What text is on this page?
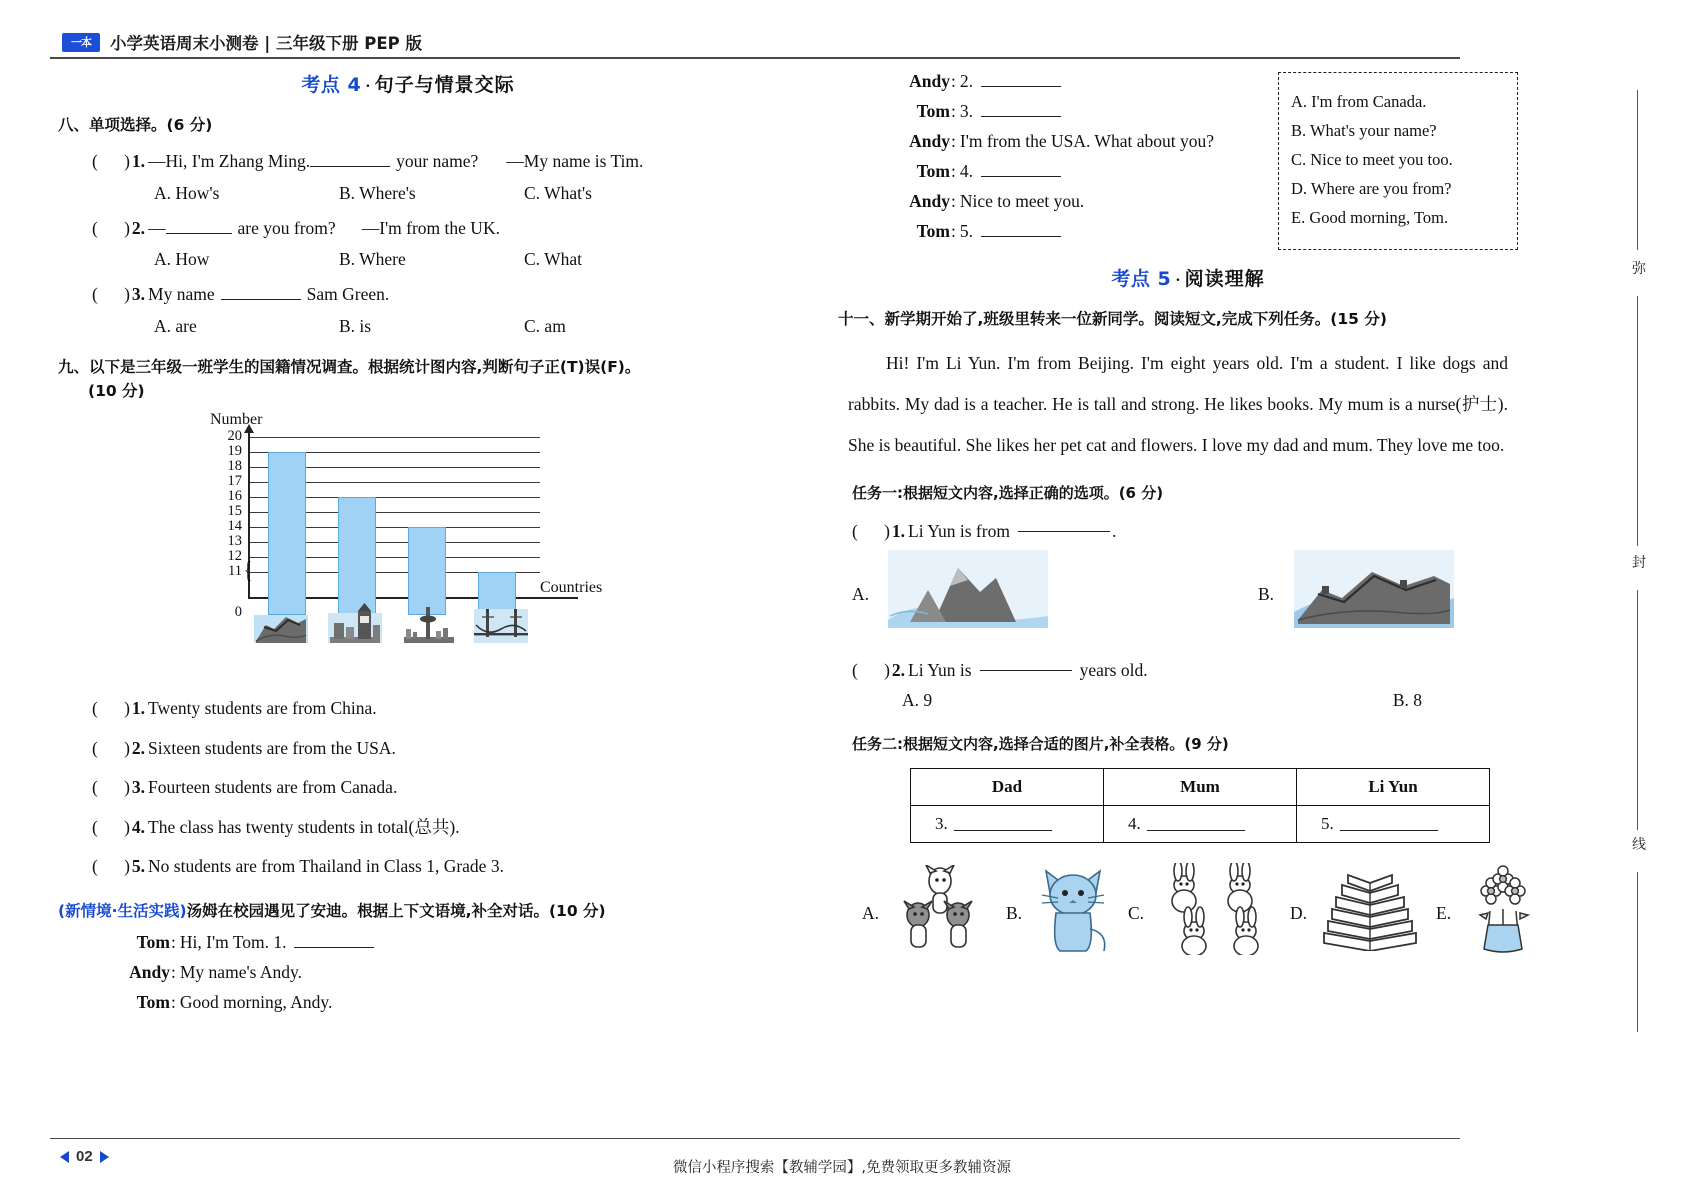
一本	小学英语周末小测卷 | 三年级下册 PEP 版
考点 4 · 句子与情景交际
八、单项选择。(6 分)
(      ) 1. —Hi, I'm Zhang Ming.	your name? —My name is Tim.
A. How's	B. Where's	C. What's
(      ) 2. —	are you from? —I'm from the UK.
A. How	B. Where	C. What
(      ) 3. My name	Sam Green.
A. are	B. is	C. am
九、以下是三年级一班学生的国籍情况调查。根据统计图内容,判断句子正(T)误(F)。
(10 分)
Number
Countries
20
19
18
17
16
15
14
13
12
11
0
{
(      ) 1. Twenty students are from China.
(      ) 2. Sixteen students are from the USA.
(      ) 3. Fourteen students are from Canada.
(      ) 4. The class has twenty students in total(总共).
(      ) 5. No students are from Thailand in Class 1, Grade 3.
(新情境·生活实践)汤姆在校园遇见了安迪。根据上下文语境,补全对话。(10 分)
Tom : Hi, I'm Tom. 1.
Andy : My name's Andy.
Tom : Good morning, Andy.
Andy : 2.
Tom : 3.
Andy : I'm from the USA. What about you?
Tom : 4.
Andy : Nice to meet you.
Tom : 5.
考点 5 · 阅读理解
十一、新学期开始了,班级里转来一位新同学。阅读短文,完成下列任务。(15 分)
Hi! I'm Li Yun. I'm from Beijing. I'm eight years old. I'm a student. I like dogs and rabbits. My dad is a teacher. He is tall and strong. He likes books. My mum is a nurse(护士). She is beautiful. She likes her pet cat and flowers. I love my dad and mum. They love me too.
任务一:根据短文内容,选择正确的选项。(6 分)
(      ) 1. Li Yun is from	.
A.	B.
(      ) 2. Li Yun is	years old.
A. 9	B. 8
任务二:根据短文内容,选择合适的图片,补全表格。(9 分)
Dad	Mum	Li Yun
3.	4.	5.
A.	B.	C.	D.	E.
A. I'm from Canada.
B. What's your name?
C. Nice to meet you too.
D. Where are you from?
E. Good morning, Tom.
弥
封
线
02
微信小程序搜索【教辅学园】,免费领取更多教辅资源
